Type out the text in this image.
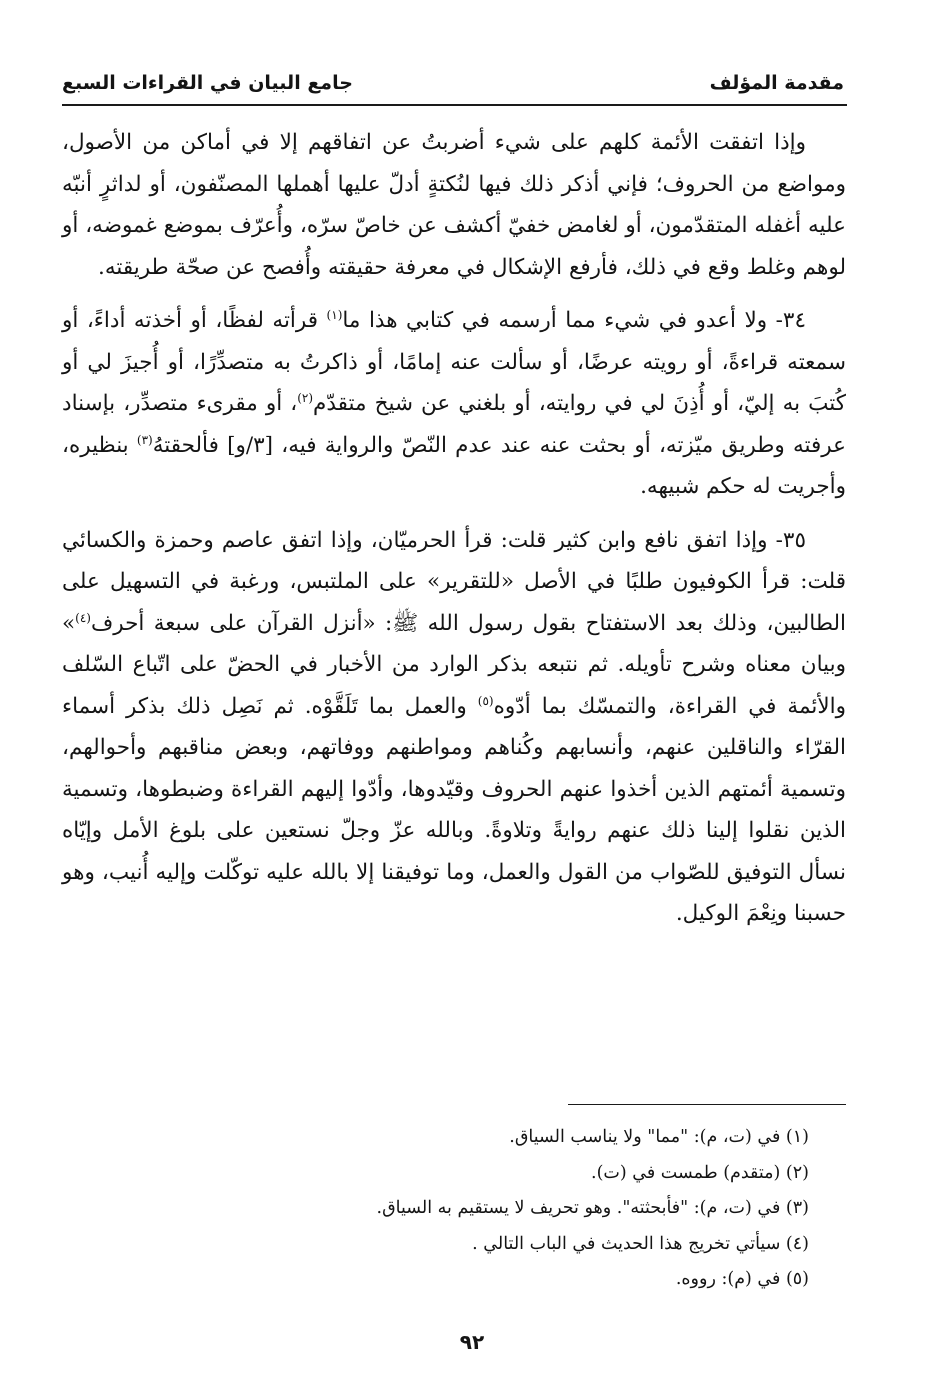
مقدمة المؤلف
جامع البيان في القراءات السبع

وإذا اتفقت الأئمة كلهم على شيء أضربتُ عن اتفاقهم إلا في أماكن من الأصول، ومواضع من الحروف؛ فإني أذكر ذلك فيها لنُكتةٍ أدلّ عليها أهملها المصنّفون، أو لداثرٍ أنبّه عليه أغفله المتقدّمون، أو لغامض خفيّ أكشف عن خاصّ سرّه، وأُعرّف بموضع غموضه، أو لوهم وغلط وقع في ذلك، فأرفع الإشكال في معرفة حقيقته وأُفصح عن صحّة طريقته.

٣٤- ولا أعدو في شيء مما أرسمه في كتابي هذا ما$^{(١)}$ قرأته لفظًا، أو أخذته أداءً، أو سمعته قراءةً، أو رويته عرضًا، أو سألت عنه إمامًا، أو ذاكرتُ به متصدِّرًا، أو أُجيزَ لي أو كُتبَ به إليّ، أو أُذِنَ لي في روايته، أو بلغني عن شيخ متقدّم$^{(٢)}$، أو مقرىء متصدِّر، بإسناد عرفته وطريق ميّزته، أو بحثت عنه عند عدم النّصّ والرواية فيه، [٣/و] فألحقتهُ$^{(٣)}$ بنظيره، وأجريت له حكم شبيهه.

٣٥- وإذا اتفق نافع وابن كثير قلت: قرأ الحرميّان، وإذا اتفق عاصم وحمزة والكسائي قلت: قرأ الكوفيون طلبًا في الأصل «للتقرير» على الملتبس، ورغبة في التسهيل على الطالبين، وذلك بعد الاستفتاح بقول رسول الله ﷺ: «أنزل القرآن على سبعة أحرف$^{(٤)}$» وبيان معناه وشرح تأويله. ثم نتبعه بذكر الوارد من الأخبار في الحضّ على اتّباع السّلف والأئمة في القراءة، والتمسّك بما أدّوه$^{(٥)}$ والعمل بما تَلَقَّوْه. ثم نَصِل ذلك بذكر أسماء القرّاء والناقلين عنهم، وأنسابهم وكُناهم ومواطنهم ووفاتهم، وبعض مناقبهم وأحوالهم، وتسمية أئمتهم الذين أخذوا عنهم الحروف وقيّدوها، وأدّوا إليهم القراءة وضبطوها، وتسمية الذين نقلوا إلينا ذلك عنهم روايةً وتلاوةً. وبالله عزّ وجلّ نستعين على بلوغ الأمل وإيّاه نسأل التوفيق للصّواب من القول والعمل، وما توفيقنا إلا بالله عليه توكّلت وإليه أُنيب، وهو حسبنا ونِعْمَ الوكيل.

(١) في (ت، م): "مما" ولا يناسب السياق.
(٢) (متقدم) طمست في (ت).
(٣) في (ت، م): "فأبحثته". وهو تحريف لا يستقيم به السياق.
(٤) سيأتي تخريج هذا الحديث في الباب التالي .
(٥) في (م): رووه.
٩٢
